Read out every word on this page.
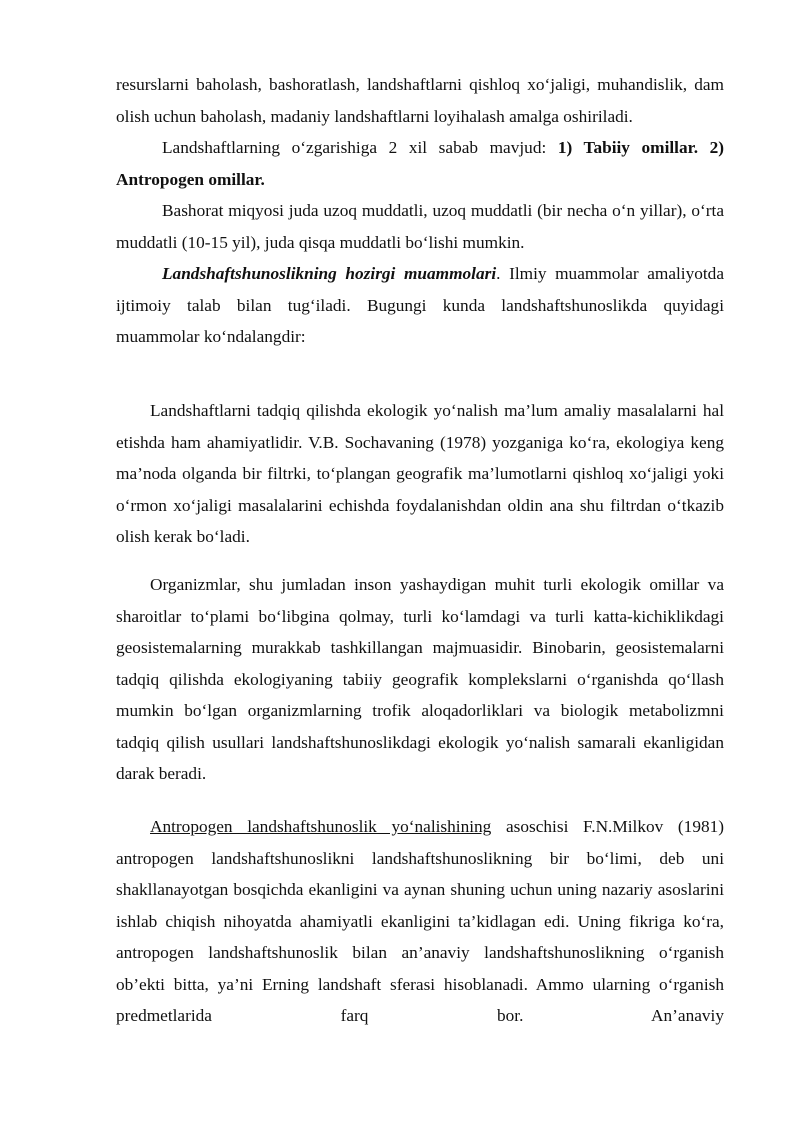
resurslarni baholash, bashoratlash, landshaftlarni qishloq xo‘jaligi, muhandislik, dam olish uchun baholash, madaniy landshaftlarni loyihalash amalga oshiriladi.

Landshaftlarning o‘zgarishiga 2 xil sabab mavjud: 1) Tabiiy omillar. 2) Antropogen omillar.

Bashorat miqyosi juda uzoq muddatli, uzoq muddatli (bir necha o‘n yillar), o‘rta muddatli (10-15 yil), juda qisqa muddatli bo‘lishi mumkin.

Landshaftshunoslikning hozirgi muammolari. Ilmiy muammolar amaliyotda ijtimoiy talab bilan tug‘iladi. Bugungi kunda landshaftshunoslikda quyidagi muammolar ko‘ndalangdir:

Landshaftlarni tadqiq qilishda ekologik yo‘nalish ma’lum amaliy masalalarni hal etishda ham ahamiyatlidir. V.B. Sochavaning (1978) yozganiga ko‘ra, ekologiya keng ma’noda olganda bir filtrki, to‘plangan geografik ma’lumotlarni qishloq xo‘jaligi yoki o‘rmon xo‘jaligi masalalarini echishda foydalanishdan oldin ana shu filtrdan o‘tkazib olish kerak bo‘ladi.

Organizmlar, shu jumladan inson yashaydigan muhit turli ekologik omillar va sharoitlar to‘plami bo‘libgina qolmay, turli ko‘lamdagi va turli katta-kichiklikdagi geosistemalarning murakkab tashkillangan majmuasidir. Binobarin, geosistemalarni tadqiq qilishda ekologiyaning tabiiy geografik komplekslarni o‘rganishda qo‘llash mumkin bo‘lgan organizmlarning trofik aloqadorliklari va biologik metabolizmni tadqiq qilish usullari landshaftshunoslikdagi ekologik yo‘nalish samarali ekanligidan darak beradi.

Antropogen landshaftshunoslik yo‘nalishining asoschisi F.N.Milkov (1981) antropogen landshaftshunoslikni landshaftshunoslikning bir bo‘limi, deb uni shakllanayotgan bosqichda ekanligini va aynan shuning uchun uning nazariy asoslarini ishlab chiqish nihoyatda ahamiyatli ekanligini ta’kidlagan edi. Uning fikriga ko‘ra, antropogen landshaftshunoslik bilan an’anaviy landshaftshunoslikning o‘rganish ob’ekti bitta, ya’ni Erning landshaft sferasi hisoblanadi. Ammo ularning o‘rganish predmetlarida farq bor. An’anaviy
